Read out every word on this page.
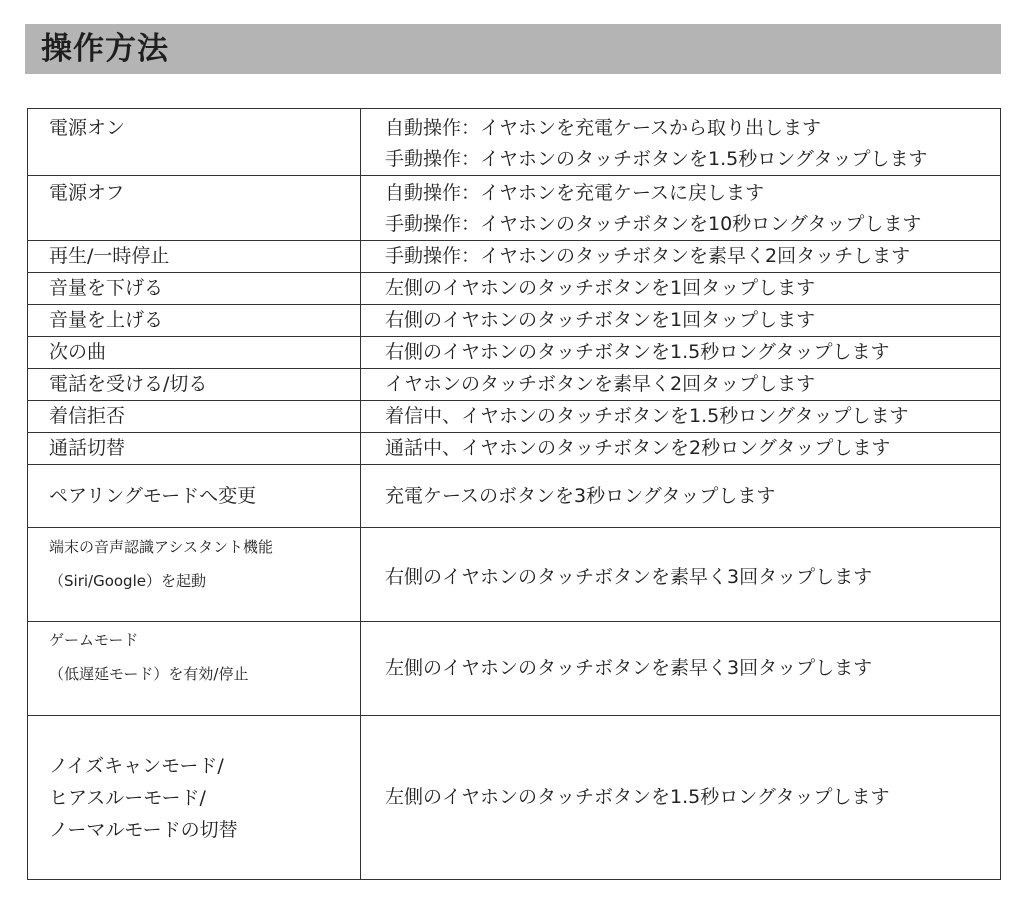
操作方法
電源オン	自動操作：イヤホンを充電ケースから取り出します
手動操作：イヤホンのタッチボタンを1.5秒ロングタップします

電源オフ	自動操作：イヤホンを充電ケースに戻します
手動操作：イヤホンのタッチボタンを10秒ロングタップします

再生/一時停止	手動操作：イヤホンのタッチボタンを素早く2回タッチします

音量を下げる	左側のイヤホンのタッチボタンを1回タップします

音量を上げる	右側のイヤホンのタッチボタンを1回タップします

次の曲	右側のイヤホンのタッチボタンを1.5秒ロングタップします

電話を受ける/切る	イヤホンのタッチボタンを素早く2回タップします

着信拒否	着信中、イヤホンのタッチボタンを1.5秒ロングタップします

通話切替	通話中、イヤホンのタッチボタンを2秒ロングタップします

ペアリングモードへ変更	充電ケースのボタンを3秒ロングタップします

端末の音声認識アシスタント機能
（Siri/Google）を起動	右側のイヤホンのタッチボタンを素早く3回タップします

ゲームモード
（低遅延モード）を有効/停止	左側のイヤホンのタッチボタンを素早く3回タップします

ノイズキャンモード/
ヒアスルーモード/
ノーマルモードの切替	左側のイヤホンのタッチボタンを1.5秒ロングタップします
